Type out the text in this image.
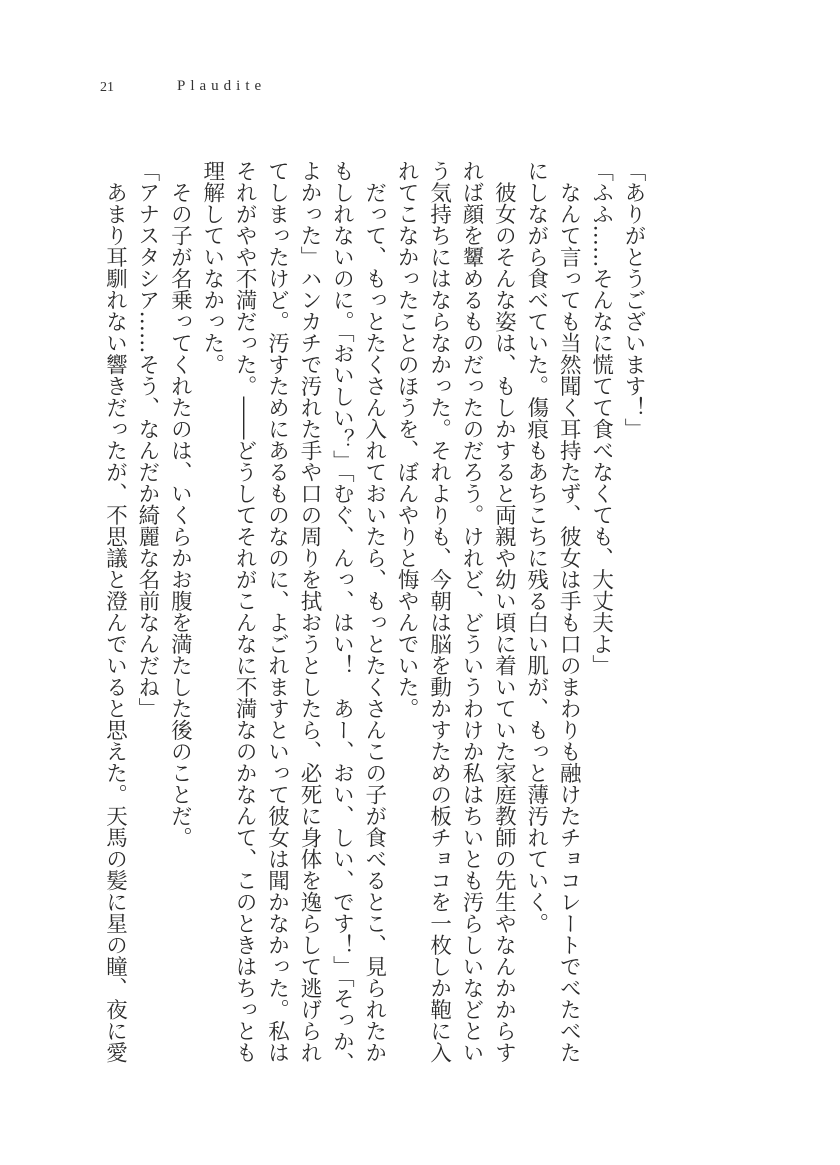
21	Plaudite
「ありがとうございます！」
「ふふ……そんなに慌てて食べなくても、大丈夫よ」
　なんて言っても当然聞く耳持たず、彼女は手も口のまわりも融けたチョコレートでべたべた
にしながら食べていた。傷痕もあちこちに残る白い肌が、もっと薄汚れていく。
　彼女のそんな姿は、もしかすると両親や幼い頃に着いていた家庭教師の先生やなんかからす
れば顔を顰めるものだったのだろう。けれど、どういうわけか私はちいとも汚らしいなどとい
う気持ちにはならなかった。それよりも、今朝は脳を動かすための板チョコを一枚しか鞄に入
れてこなかったことのほうを、ぼんやりと悔やんでいた。
　だって、もっとたくさん入れておいたら、もっとたくさんこの子が食べるとこ、見られたか
もしれないのに。「おいしい？」「むぐ、んっ、はい！　あー、おい、しい、です！」「そっか、
よかった」ハンカチで汚れた手や口の周りを拭おうとしたら、必死に身体を逸らして逃げられ
てしまったけど。汚すためにあるものなのに、よごれますといって彼女は聞かなかった。私は
それがやや不満だった。――どうしてそれがこんなに不満なのかなんて、このときはちっとも
理解していなかった。
　その子が名乗ってくれたのは、いくらかお腹を満たした後のことだ。
「アナスタシア……そう、なんだか綺麗な名前なんだね」
　あまり耳馴れない響きだったが、不思議と澄んでいると思えた。天馬の髪に星の瞳、夜に愛
